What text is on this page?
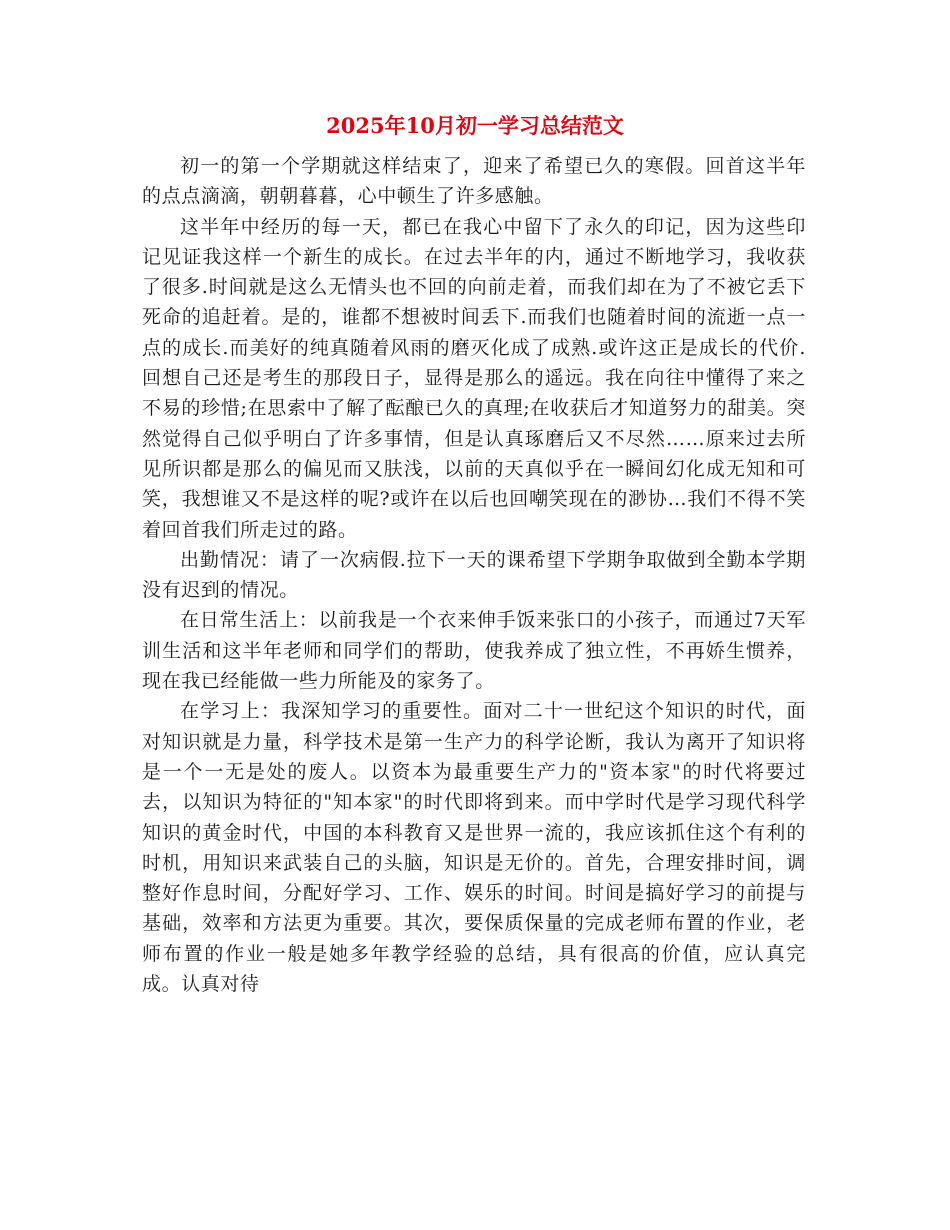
2025年10月初一学习总结范文

初一的第一个学期就这样结束了，迎来了希望已久的寒假。回首这半年的点点滴滴，朝朝暮暮，心中顿生了许多感触。

这半年中经历的每一天，都已在我心中留下了永久的印记，因为这些印记见证我这样一个新生的成长。在过去半年的内，通过不断地学习，我收获了很多.时间就是这么无情头也不回的向前走着，而我们却在为了不被它丢下死命的追赶着。是的，谁都不想被时间丢下.而我们也随着时间的流逝一点一点的成长.而美好的纯真随着风雨的磨灭化成了成熟.或许这正是成长的代价.回想自己还是考生的那段日子，显得是那么的遥远。我在向往中懂得了来之不易的珍惜;在思索中了解了酝酿已久的真理;在收获后才知道努力的甜美。突然觉得自己似乎明白了许多事情，但是认真琢磨后又不尽然……原来过去所见所识都是那么的偏见而又肤浅，以前的天真似乎在一瞬间幻化成无知和可笑，我想谁又不是这样的呢?或许在以后也回嘲笑现在的渺协…我们不得不笑着回首我们所走过的路。

出勤情况：请了一次病假.拉下一天的课希望下学期争取做到全勤本学期没有迟到的情况。

在日常生活上：以前我是一个衣来伸手饭来张口的小孩子，而通过7天军训生活和这半年老师和同学们的帮助，使我养成了独立性，不再娇生惯养，现在我已经能做一些力所能及的家务了。

在学习上：我深知学习的重要性。面对二十一世纪这个知识的时代，面对知识就是力量，科学技术是第一生产力的科学论断，我认为离开了知识将是一个一无是处的废人。以资本为最重要生产力的"资本家"的时代将要过去，以知识为特征的"知本家"的时代即将到来。而中学时代是学习现代科学知识的黄金时代，中国的本科教育又是世界一流的，我应该抓住这个有利的时机，用知识来武装自己的头脑，知识是无价的。首先，合理安排时间，调整好作息时间，分配好学习、工作、娱乐的时间。时间是搞好学习的前提与基础，效率和方法更为重要。其次，要保质保量的完成老师布置的作业，老师布置的作业一般是她多年教学经验的总结，具有很高的价值，应认真完成。认真对待
